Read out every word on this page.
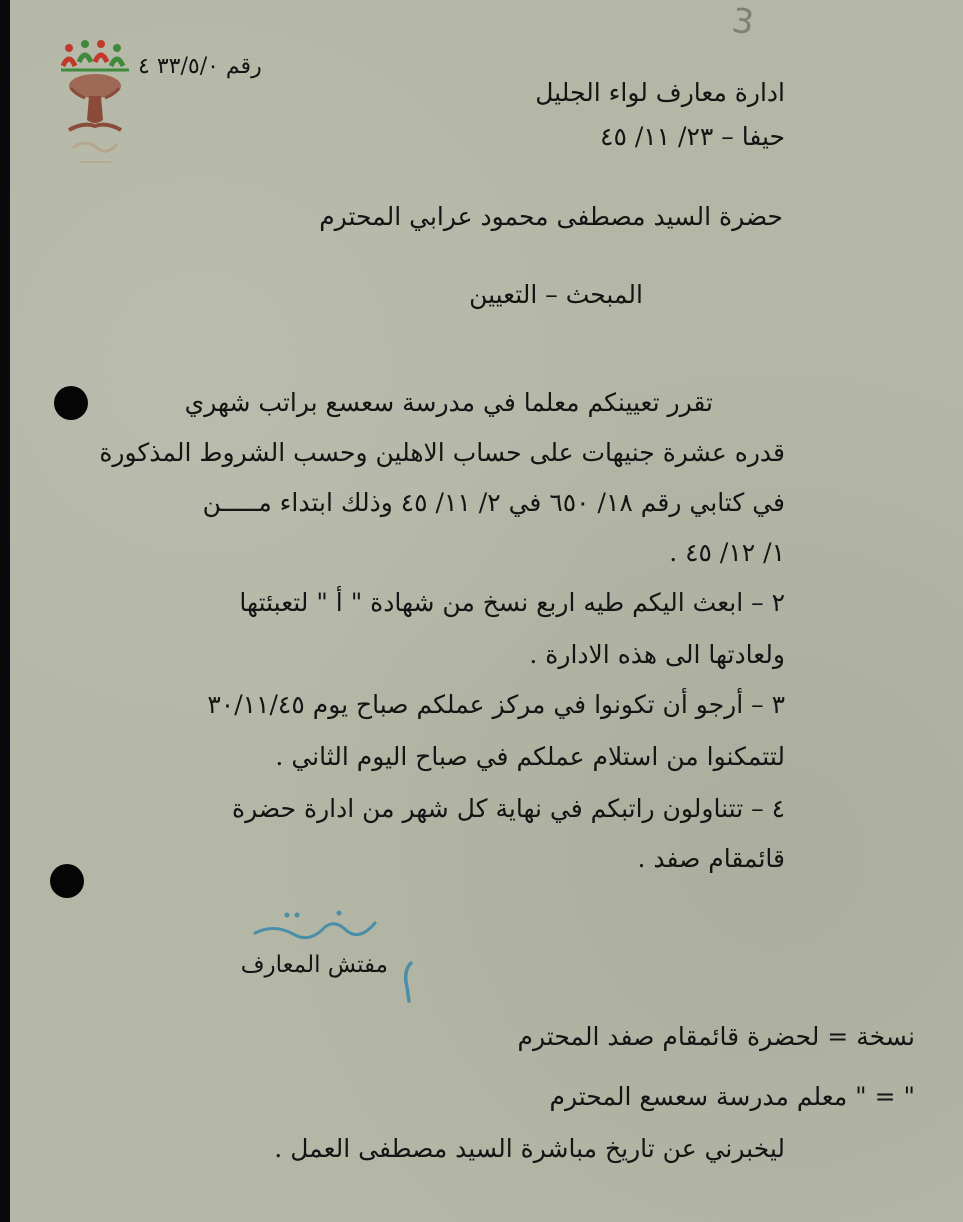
رقم ٣٣/٥/٠ ٤
3
ادارة معارف لواء الجليل
حيفا – ٢٣/ ١١/ ٤٥
حضرة السيد مصطفى محمود عرابي المحترم
المبحث – التعيين
تقرر تعيينكم معلما في مدرسة سعسع براتب شهري
قدره عشرة جنيهات على حساب الاهلين وحسب الشروط المذكورة
في كتابي رقم ١٨/ ٦٥٠ في ٢/ ١١/ ٤٥ وذلك ابتداء مـــــن
١/ ١٢/ ٤٥ .
٢ – ابعث اليكم طيه اربع نسخ من شهادة " أ " لتعبئتها
ولعادتها الى هذه الادارة .
٣ – أرجو أن تكونوا في مركز عملكم صباح يوم ٣٠/١١/٤٥
لتتمكنوا من استلام عملكم في صباح اليوم الثاني .
٤ – تتناولون راتبكم في نهاية كل شهر من ادارة حضرة
قائمقام صفد .
مفتش المعارف
نسخة = لحضرة قائمقام صفد المحترم
" = " معلم مدرسة سعسع المحترم
ليخبرني عن تاريخ مباشرة السيد مصطفى العمل .
